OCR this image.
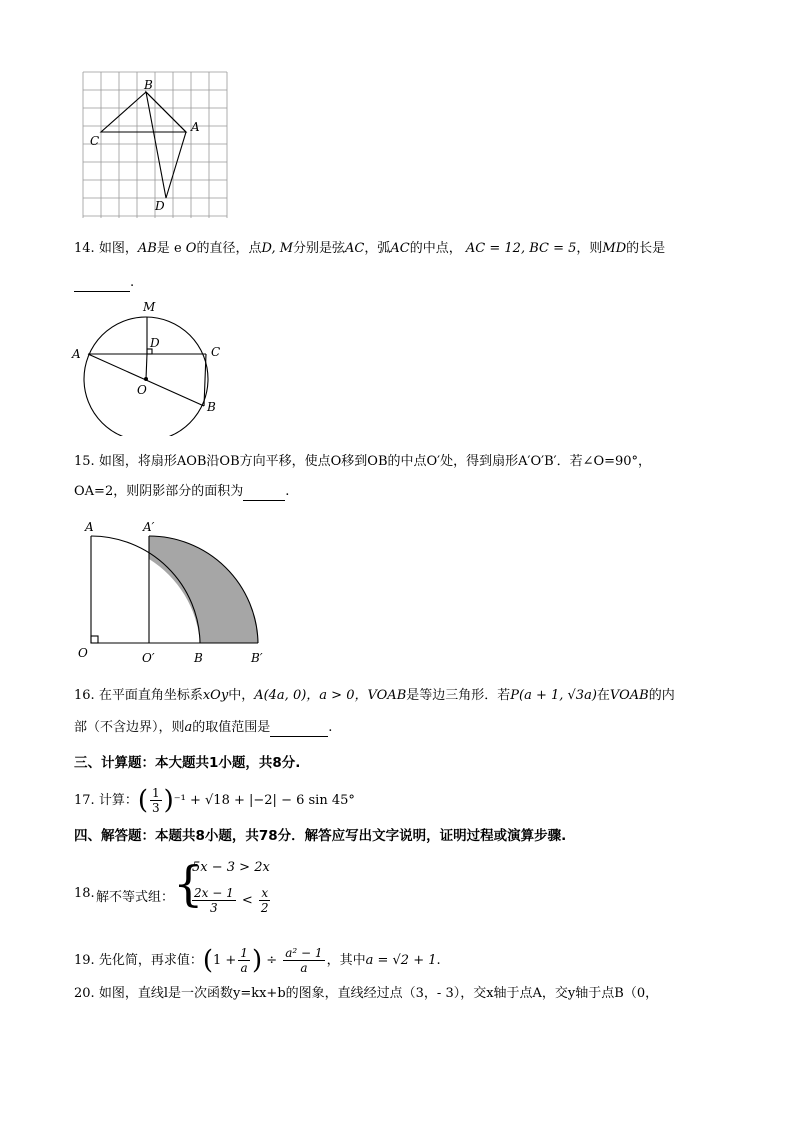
B
A
C
D
14. 如图，AB是 e O的直径，点D, M分别是弦AC，弧AC的中点， AC = 12, BC = 5，则MD的长是
.
M
D
A	C
O
B
15. 如图，将扇形AOB沿OB方向平移，使点O移到OB的中点O′处，得到扇形A′O′B′．若∠O=90°，
OA=2，则阴影部分的面积为	.
A	A′
O	O′	B	B′
16. 在平面直角坐标系xOy中，A(4a, 0)，a > 0，VOAB是等边三角形．若P(a + 1, √3a)在VOAB的内
部（不含边界），则a的取值范围是	.
三、计算题：本大题共1小题，共8分.
17. 计算：( $\frac{1}{3} )^{-1} + √18 + |-2| - 6$ sin 45°
四、解答题：本题共8小题，共78分．解答应写出文字说明，证明过程或演算步骤.
18. 解不等式组：
{
5x − 3 > 2x
$\frac{2x - 1}{3} < \frac{x}{2}$
19. 先化简，再求值：($1 + \frac{1}{a}$ ) ÷ $\frac{\text{a² − 1}}{a}$ ，其中a = √2 + 1.
20. 如图，直线l是一次函数y=kx+b的图象，直线经过点（3，- 3），交x轴于点A，交y轴于点B（0，
